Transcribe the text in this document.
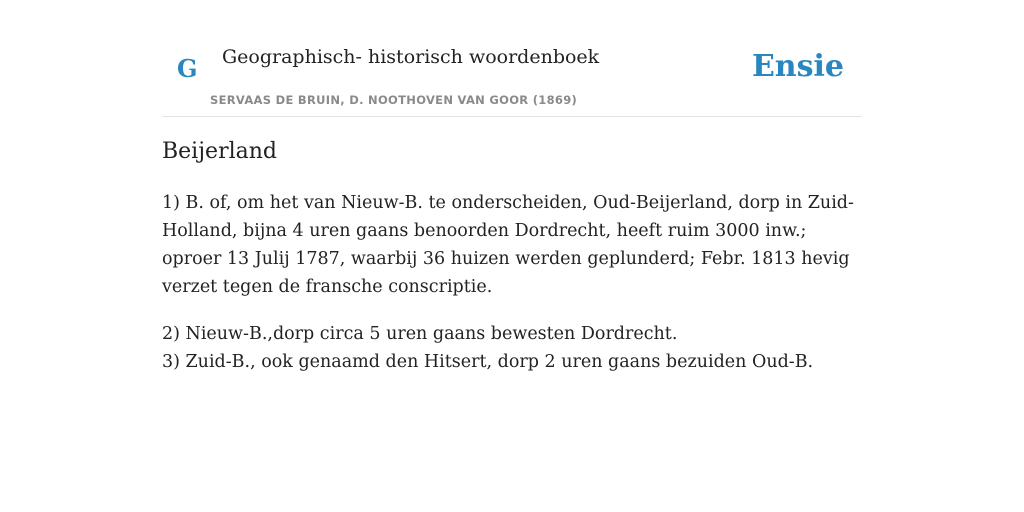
G Geographisch- historisch woordenboek
SERVAAS DE BRUIN, D. NOOTHOVEN VAN GOOR (1869)
Ensie
Beijerland

1) B. of, om het van Nieuw-B. te onderscheiden, Oud-Beijerland, dorp in Zuid-Holland, bijna 4 uren gaans benoorden Dordrecht, heeft ruim 3000 inw.; oproer 13 Julij 1787, waarbij 36 huizen werden geplunderd; Febr. 1813 hevig verzet tegen de fransche conscriptie.

2) Nieuw-B.,dorp circa 5 uren gaans bewesten Dordrecht.

3) Zuid-B., ook genaamd den Hitsert, dorp 2 uren gaans bezuiden Oud-B.
